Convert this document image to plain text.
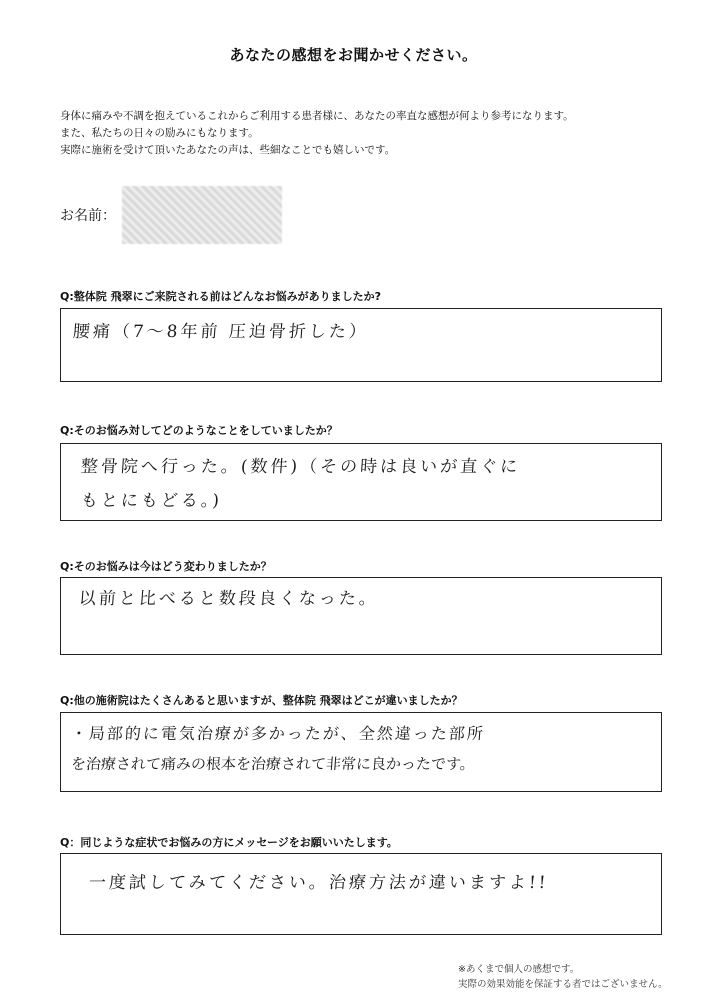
あなたの感想をお聞かせください。
身体に痛みや不調を抱えているこれからご利用する患者様に、あなたの率直な感想が何より参考になります。
また、私たちの日々の励みにもなります。
実際に施術を受けて頂いたあなたの声は、些細なことでも嬉しいです。
お名前：
Q:整体院 飛翠にご来院される前はどんなお悩みがありましたか?
腰痛（7～8年前 圧迫骨折した）
Q:そのお悩み対してどのようなことをしていましたか？
整骨院へ行った。(数件)（その時は良いが直ぐに
もとにもどる。)
Q:そのお悩みは今はどう変わりましたか？
以前と比べると数段良くなった。
Q:他の施術院はたくさんあると思いますが、整体院 飛翠はどこが違いましたか？
・局部的に電気治療が多かったが、全然違った部所
を治療されて痛みの根本を治療されて非常に良かったです。
Q：同じような症状でお悩みの方にメッセージをお願いいたします。
一度試してみてください。治療方法が違いますよ!!
※あくまで個人の感想です。
実際の効果効能を保証する者ではございません。
